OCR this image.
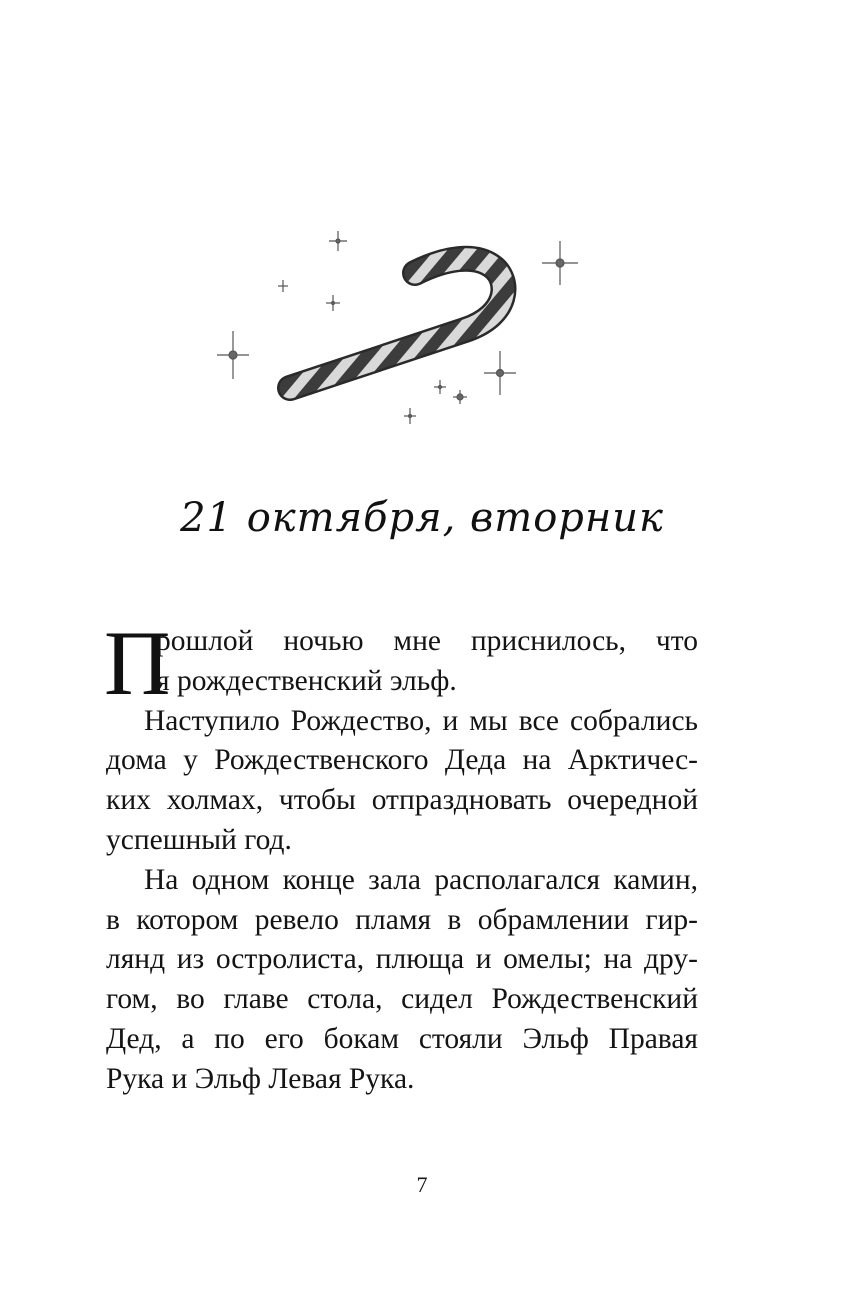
21 октября, вторник
П
рошлой ночью мне приснилось, что
я рождественский эльф.
Наступило Рождество, и мы все собрались
дома у Рождественского Деда на Арктичес-
ких холмах, чтобы отпраздновать очередной
успешный год.
На одном конце зала располагался камин,
в котором ревело пламя в обрамлении гир-
лянд из остролиста, плюща и омелы; на дру-
гом, во главе стола, сидел Рождественский
Дед, а по его бокам стояли Эльф Правая
Рука и Эльф Левая Рука.
7
